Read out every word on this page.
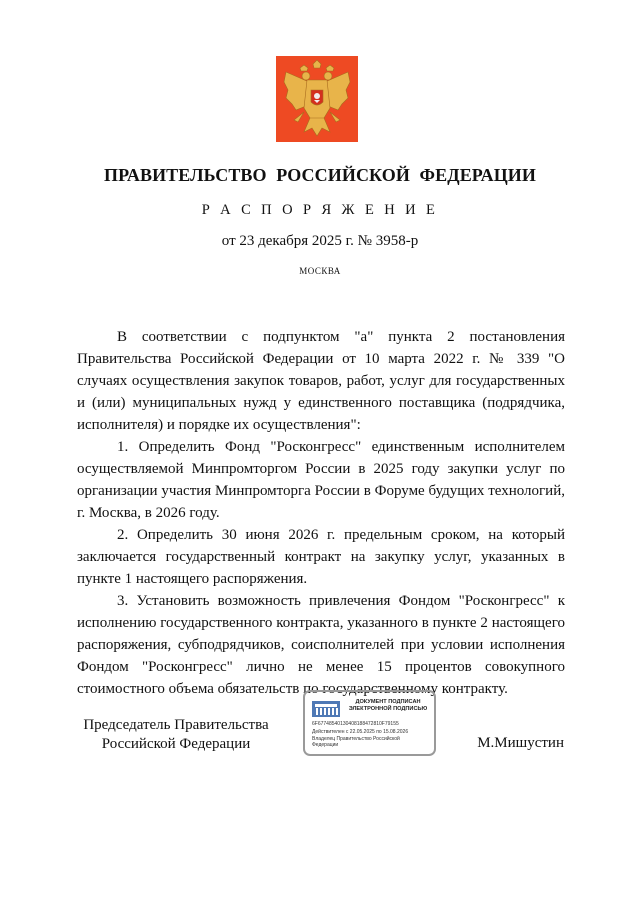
ПРАВИТЕЛЬСТВО РОССИЙСКОЙ ФЕДЕРАЦИИ
Р А С П О Р Я Ж Е Н И Е
от 23 декабря 2025 г. № 3958-р
МОСКВА

В соответствии с подпунктом "а" пункта 2 постановления Правительства Российской Федерации от 10 марта 2022 г. № 339 "О случаях осуществления закупок товаров, работ, услуг для государственных и (или) муниципальных нужд у единственного поставщика (подрядчика, исполнителя) и порядке их осуществления":

1. Определить Фонд "Росконгресс" единственным исполнителем осуществляемой Минпромторгом России в 2025 году закупки услуг по организации участия Минпромторга России в Форуме будущих технологий, г. Москва, в 2026 году.

2. Определить 30 июня 2026 г. предельным сроком, на который заключается государственный контракт на закупку услуг, указанных в пункте 1 настоящего распоряжения.

3. Установить возможность привлечения Фондом "Росконгресс" к исполнению государственного контракта, указанного в пункте 2 настоящего распоряжения, субподрядчиков, соисполнителей при условии исполнения Фондом "Росконгресс" лично не менее 15 процентов совокупного стоимостного объема обязательств по государственному контракту.

Председатель Правительства
Российской Федерации
ДОКУМЕНТ ПОДПИСАН
ЭЛЕКТРОННОЙ ПОДПИСЬЮ
6F67748540130408188472810F79155
Действителен с 22.05.2025 по 15.08.2026
Владелец Правительство Российской
Федерации	М.Мишустин
